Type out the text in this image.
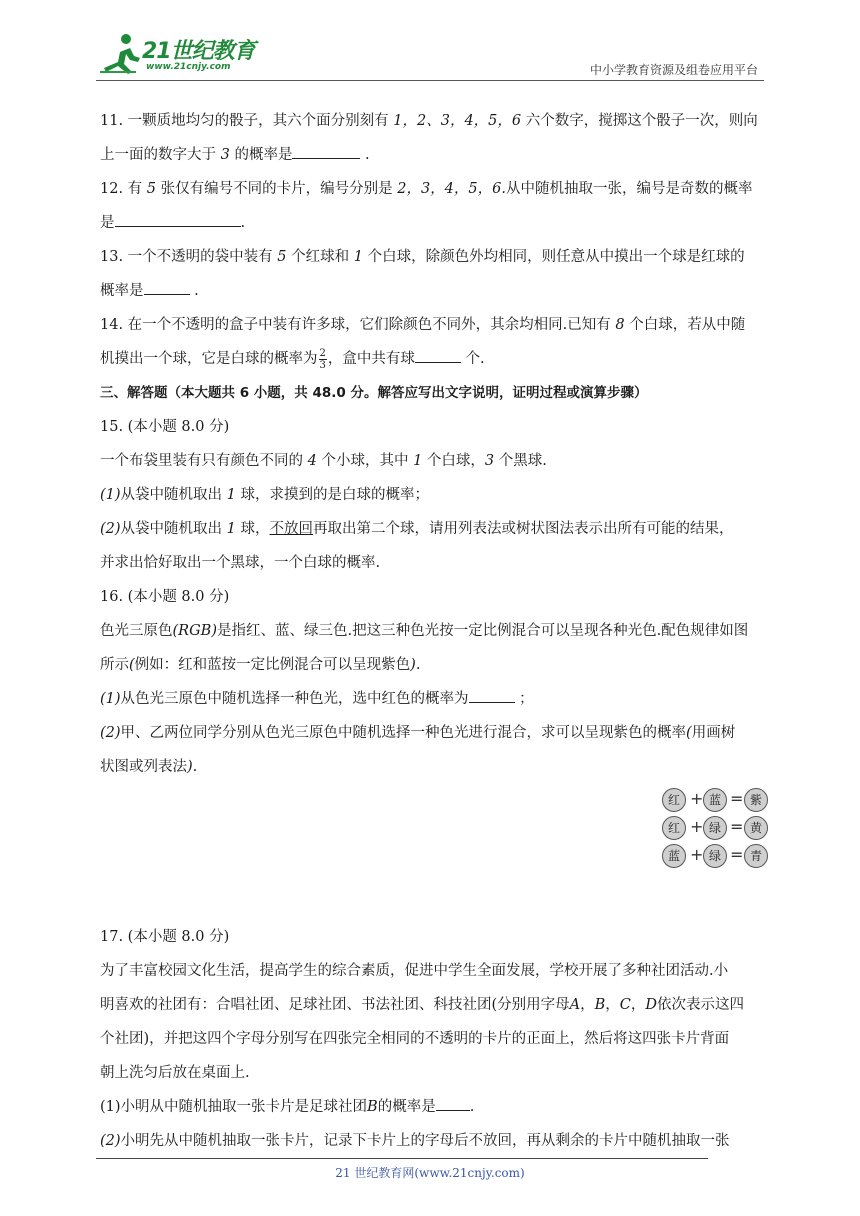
21世纪教育
www.21cnjy.com	中小学教育资源及组卷应用平台
11. 一颗质地均匀的骰子，其六个面分别刻有 1，2、3，4，5，6 六个数字，搅掷这个骰子一次，则向
上一面的数字大于 3 的概率是	.
12. 有 5 张仅有编号不同的卡片，编号分别是 2，3，4，5，6.从中随机抽取一张，编号是奇数的概率
是	.
13. 一个不透明的袋中装有 5 个红球和 1 个白球，除颜色外均相同，则任意从中摸出一个球是红球的
概率是	.
14. 在一个不透明的盒子中装有许多球，它们除颜色不同外，其余均相同.已知有 8 个白球，若从中随
机摸出一个球，它是白球的概率为 $\frac{2}{3}$ ，盒中共有球	个.
三、解答题（本大题共 6 小题，共 48.0 分。解答应写出文字说明，证明过程或演算步骤）
15. (本小题 8.0 分)
一个布袋里装有只有颜色不同的 4 个小球，其中 1 个白球，3 个黑球.
(1)从袋中随机取出 1 球，求摸到的是白球的概率；
(2)从袋中随机取出 1 球，不放回再取出第二个球，请用列表法或树状图法表示出所有可能的结果，
并求出恰好取出一个黑球，一个白球的概率.
16. (本小题 8.0 分)
色光三原色(RGB)是指红、蓝、绿三色.把这三种色光按一定比例混合可以呈现各种光色.配色规律如图
所示(例如：红和蓝按一定比例混合可以呈现紫色).
(1)从色光三原色中随机选择一种色光，选中红色的概率为	；
(2)甲、乙两位同学分别从色光三原色中随机选择一种色光进行混合，求可以呈现紫色的概率(用画树
状图或列表法).
17. (本小题 8.0 分)
为了丰富校园文化生活，提高学生的综合素质，促进中学生全面发展，学校开展了多种社团活动.小
明喜欢的社团有：合唱社团、足球社团、书法社团、科技社团(分别用字母A，B，C，D依次表示这四
个社团)，并把这四个字母分别写在四张完全相同的不透明的卡片的正面上，然后将这四张卡片背面
朝上洗匀后放在桌面上.
(1)小明从中随机抽取一张卡片是足球社团B的概率是 .
(2)小明先从中随机抽取一张卡片，记录下卡片上的字母后不放回，再从剩余的卡片中随机抽取一张
红 + 蓝 = 紫
红 + 绿 = 黄
蓝 + 绿 = 青
21 世纪教育网(www.21cnjy.com)
